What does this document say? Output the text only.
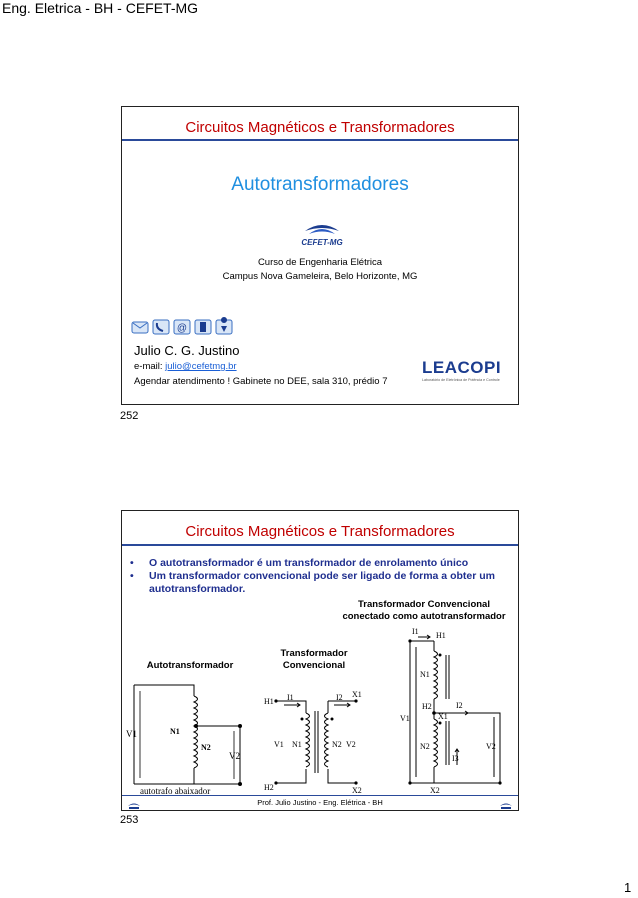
Eng. Eletrica - BH - CEFET-MG
Circuitos Magnéticos e Transformadores
Autotransformadores
CEFET-MG
Curso de Engenharia Elétrica
Campus Nova Gameleira, Belo Horizonte, MG
@
Julio C. G. Justino
e-mail: julio@cefetmg.br
Agendar atendimento ! Gabinete no DEE, sala 310, prédio 7
LEACOPI
Laboratório de Eletrônica de Potência e Controle
252
Circuitos Magnéticos e Transformadores
• O autotransformador é um transformador de enrolamento único
• Um transformador convencional pode ser ligado de forma a obter um autotransformador.
Transformador Convencional
conectado como autotransformador
Transformador
Convencional
Autotransformador
V1
V2
N1
N2
autotrafo abaixador
H1
H2
X1
X2
I1	I2
V1	V2
N1	N2
I1 H1
N1
I2
H2
X1
V1
N2
I3
V2
X2
Prof. Julio Justino - Eng. Elétrica - BH
253
1
